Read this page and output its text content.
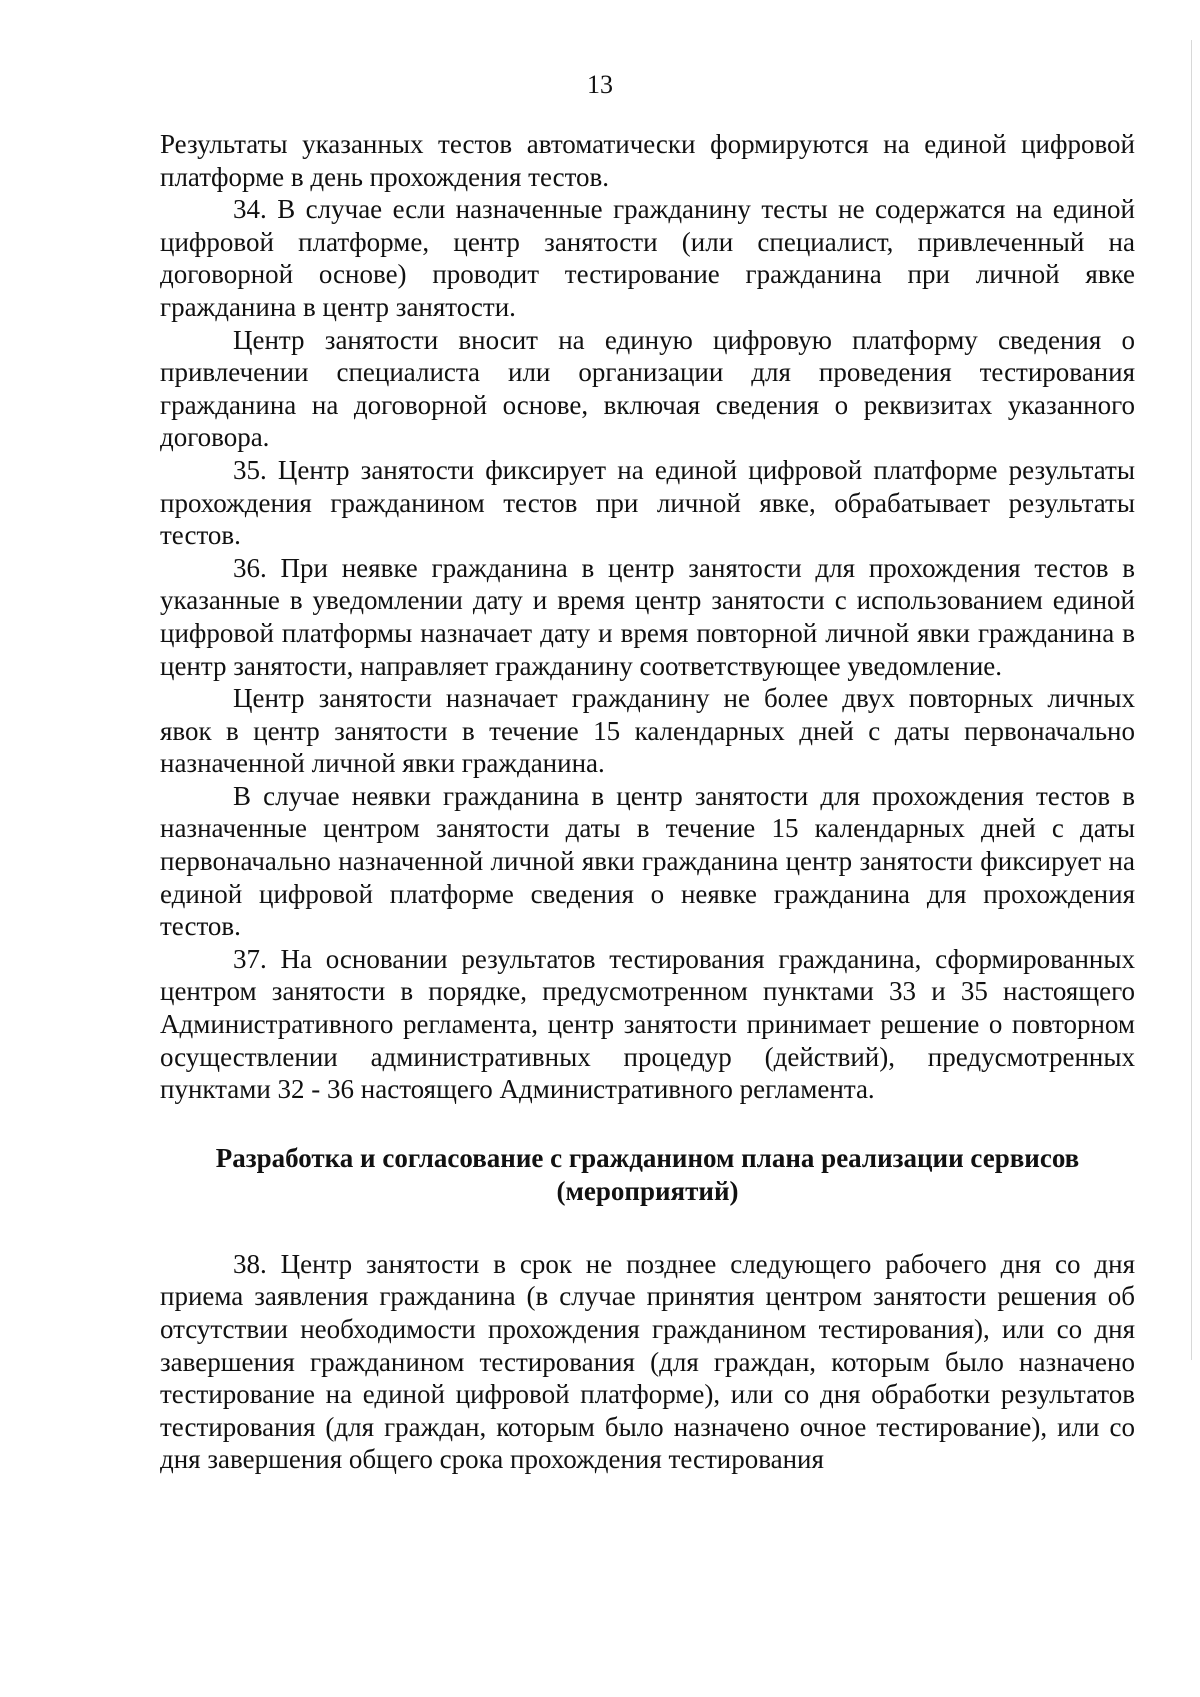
13

Результаты указанных тестов автоматически формируются на единой цифровой платформе в день прохождения тестов.

34. В случае если назначенные гражданину тесты не содержатся на единой цифровой платформе, центр занятости (или специалист, привлеченный на договорной основе) проводит тестирование гражданина при личной явке гражданина в центр занятости.

Центр занятости вносит на единую цифровую платформу сведения о привлечении специалиста или организации для проведения тестирования гражданина на договорной основе, включая сведения о реквизитах указанного договора.

35. Центр занятости фиксирует на единой цифровой платформе результаты прохождения гражданином тестов при личной явке, обрабатывает результаты тестов.

36. При неявке гражданина в центр занятости для прохождения тестов в указанные в уведомлении дату и время центр занятости с использованием единой цифровой платформы назначает дату и время повторной личной явки гражданина в центр занятости, направляет гражданину соответствующее уведомление.

Центр занятости назначает гражданину не более двух повторных личных явок в центр занятости в течение 15 календарных дней с даты первоначально назначенной личной явки гражданина.

В случае неявки гражданина в центр занятости для прохождения тестов в назначенные центром занятости даты в течение 15 календарных дней с даты первоначально назначенной личной явки гражданина центр занятости фиксирует на единой цифровой платформе сведения о неявке гражданина для прохождения тестов.

37. На основании результатов тестирования гражданина, сформированных центром занятости в порядке, предусмотренном пунктами 33 и 35 настоящего Административного регламента, центр занятости принимает решение о повторном осуществлении административных процедур (действий), предусмотренных пунктами 32 - 36 настоящего Административного регламента.

Разработка и согласование с гражданином плана реализации сервисов
(мероприятий)

38. Центр занятости в срок не позднее следующего рабочего дня со дня приема заявления гражданина (в случае принятия центром занятости решения об отсутствии необходимости прохождения гражданином тестирования), или со дня завершения гражданином тестирования (для граждан, которым было назначено тестирование на единой цифровой платформе), или со дня обработки результатов тестирования (для граждан, которым было назначено очное тестирование), или со дня завершения общего срока прохождения тестирования
